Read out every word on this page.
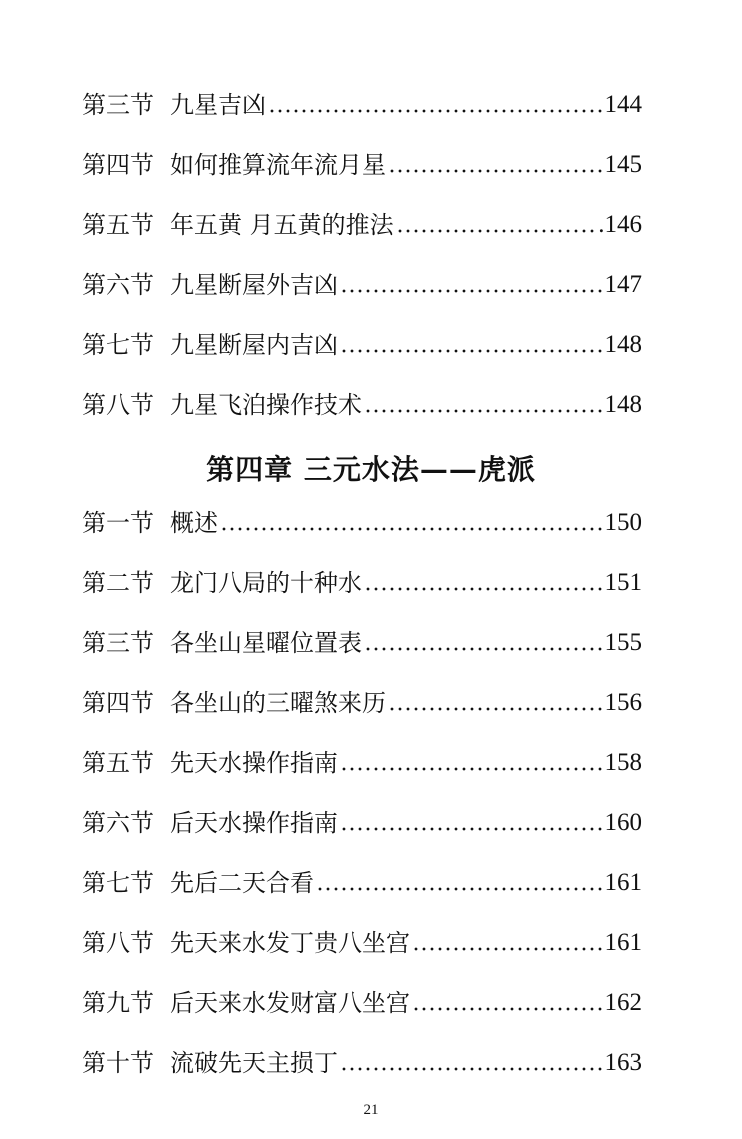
第三节 九星吉凶	144
第四节 如何推算流年流月星	145
第五节 年五黄 月五黄的推法	.146
第六节 九星断屋外吉凶	147
第七节 九星断屋内吉凶	148
第八节 九星飞泊操作技术	148
第一节 概述	150
第二节 龙门八局的十种水	151
第三节 各坐山星曜位置表	155
第四节 各坐山的三曜煞来历	156
第五节 先天水操作指南	158
第六节 后天水操作指南	160
第七节 先后二天合看	161
第八节 先天来水发丁贵八坐宫	161
第九节 后天来水发财富八坐宫	162
第十节 流破先天主损丁	163
第四章 三元水法——虎派
21
